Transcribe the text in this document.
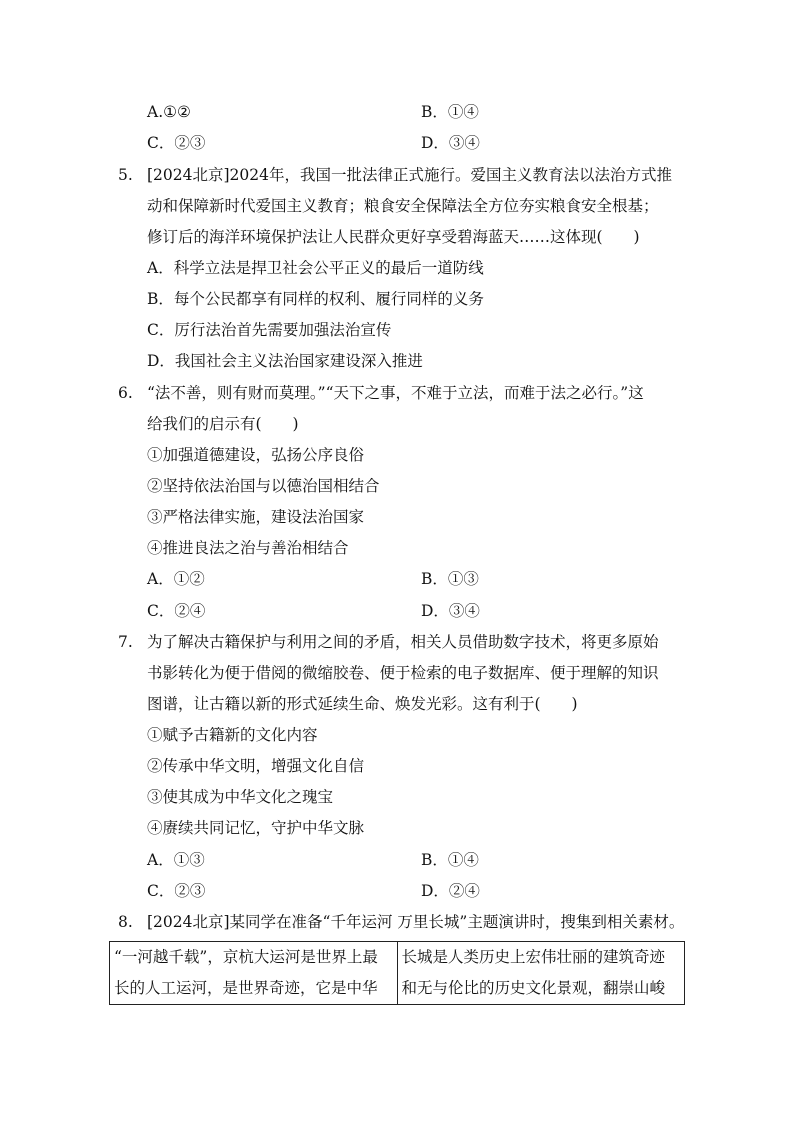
A.①②	B．①④
C．②③	D．③④
5. [2024北京]2024年，我国一批法律正式施行。爱国主义教育法以法治方式推
动和保障新时代爱国主义教育；粮食安全保障法全方位夯实粮食安全根基；
修订后的海洋环境保护法让人民群众更好享受碧海蓝天……这体现(　　)
A．科学立法是捍卫社会公平正义的最后一道防线
B．每个公民都享有同样的权利、履行同样的义务
C．厉行法治首先需要加强法治宣传
D．我国社会主义法治国家建设深入推进
6. “法不善，则有财而莫理。”“天下之事，不难于立法，而难于法之必行。”这
给我们的启示有(　　)
①加强道德建设，弘扬公序良俗
②坚持依法治国与以德治国相结合
③严格法律实施，建设法治国家
④推进良法之治与善治相结合
A．①②	B．①③
C．②④	D．③④
7. 为了解决古籍保护与利用之间的矛盾，相关人员借助数字技术，将更多原始
书影转化为便于借阅的微缩胶卷、便于检索的电子数据库、便于理解的知识
图谱，让古籍以新的形式延续生命、焕发光彩。这有利于(　　)
①赋予古籍新的文化内容
②传承中华文明，增强文化自信
③使其成为中华文化之瑰宝
④赓续共同记忆，守护中华文脉
A．①③	B．①④
C．②③	D．②④
8. [2024北京]某同学在准备“千年运河 万里长城”主题演讲时，搜集到相关素材。
“一河越千载”，京杭大运河是世界上最
长的人工运河，是世界奇迹，它是中华

长城是人类历史上宏伟壮丽的建筑奇迹
和无与伦比的历史文化景观，翻崇山峻
